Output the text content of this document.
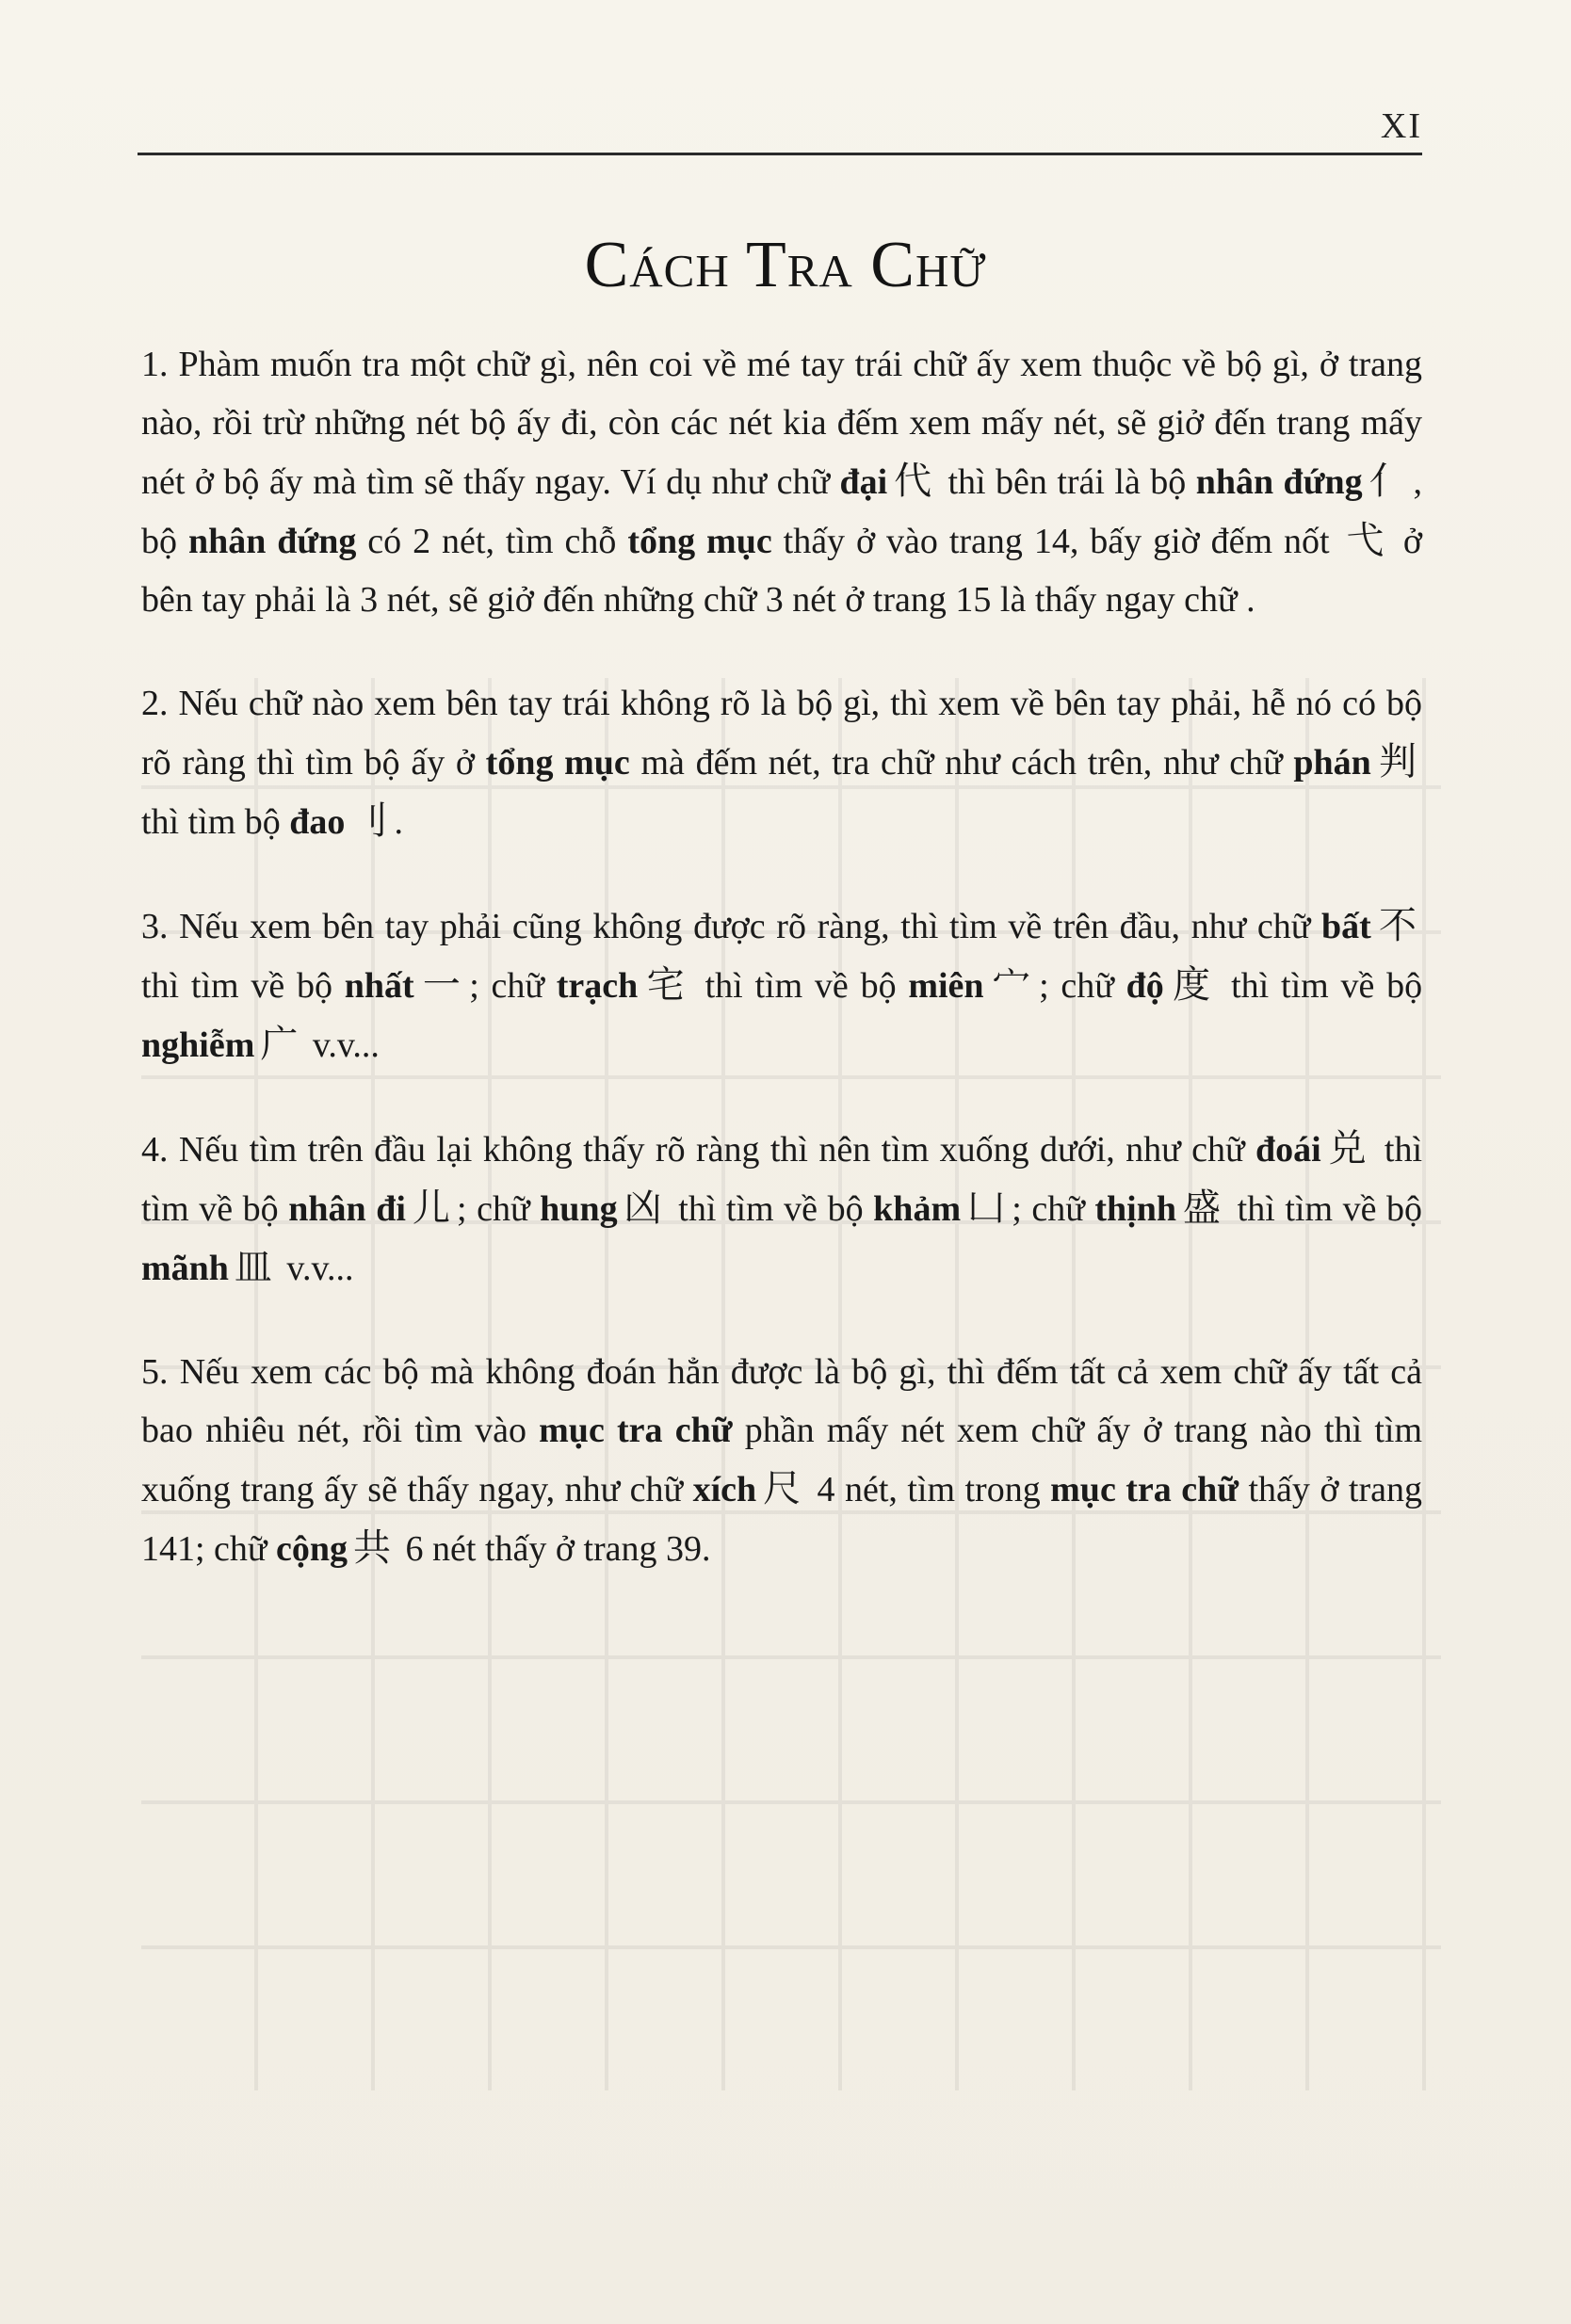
XI
Cách Tra Chữ

1. Phàm muốn tra một chữ gì, nên coi về mé tay trái chữ ấy xem thuộc về bộ gì, ở trang nào, rồi trừ những nét bộ ấy đi, còn các nét kia đếm xem mấy nét, sẽ giở đến trang mấy nét ở bộ ấy mà tìm sẽ thấy ngay. Ví dụ như chữ đại 代 thì bên trái là bộ nhân đứng 亻 , bộ nhân đứng có 2 nét, tìm chỗ tổng mục thấy ở vào trang 14, bấy giờ đếm nốt 弋 ở bên tay phải là 3 nét, sẽ giở đến những chữ 3 nét ở trang 15 là thấy ngay chữ .

2. Nếu chữ nào xem bên tay trái không rõ là bộ gì, thì xem về bên tay phải, hễ nó có bộ rõ ràng thì tìm bộ ấy ở tổng mục mà đếm nét, tra chữ như cách trên, như chữ phán 判 thì tìm bộ đao 刂 .

3. Nếu xem bên tay phải cũng không được rõ ràng, thì tìm về trên đầu, như chữ bất 不 thì tìm về bộ nhất 一 ; chữ trạch 宅 thì tìm về bộ miên 宀 ; chữ độ 度 thì tìm về bộ nghiễm 广 v.v...

4. Nếu tìm trên đầu lại không thấy rõ ràng thì nên tìm xuống dưới, như chữ đoái 兑 thì tìm về bộ nhân đi 儿 ; chữ hung 凶 thì tìm về bộ khảm 凵 ; chữ thịnh 盛 thì tìm về bộ mãnh 皿 v.v...

5. Nếu xem các bộ mà không đoán hẳn được là bộ gì, thì đếm tất cả xem chữ ấy tất cả bao nhiêu nét, rồi tìm vào mục tra chữ phần mấy nét xem chữ ấy ở trang nào thì tìm xuống trang ấy sẽ thấy ngay, như chữ xích 尺 4 nét, tìm trong mục tra chữ thấy ở trang 141; chữ cộng 共 6 nét thấy ở trang 39.
